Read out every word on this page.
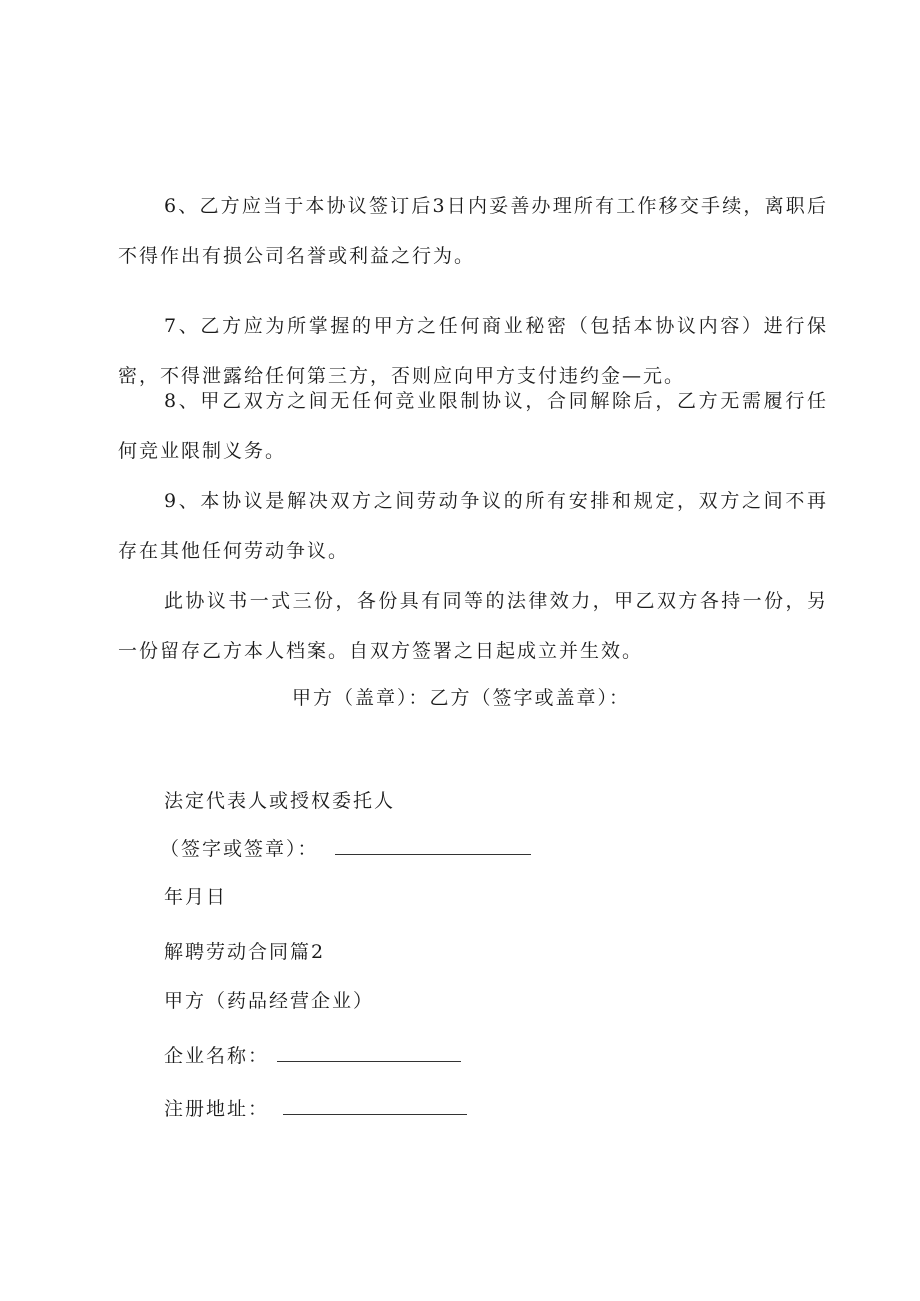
6、乙方应当于本协议签订后3日内妥善办理所有工作移交手续，离职后不得作出有损公司名誉或利益之行为。

7、乙方应为所掌握的甲方之任何商业秘密（包括本协议内容）进行保密，不得泄露给任何第三方，否则应向甲方支付违约金—元。

8、甲乙双方之间无任何竞业限制协议，合同解除后，乙方无需履行任何竞业限制义务。

9、本协议是解决双方之间劳动争议的所有安排和规定，双方之间不再存在其他任何劳动争议。

此协议书一式三份，各份具有同等的法律效力，甲乙双方各持一份，另一份留存乙方本人档案。自双方签署之日起成立并生效。

甲方（盖章）：乙方（签字或盖章）：

法定代表人或授权委托人

（签字或签章）：

年月日

解聘劳动合同篇2

甲方（药品经营企业）

企业名称：

注册地址：
